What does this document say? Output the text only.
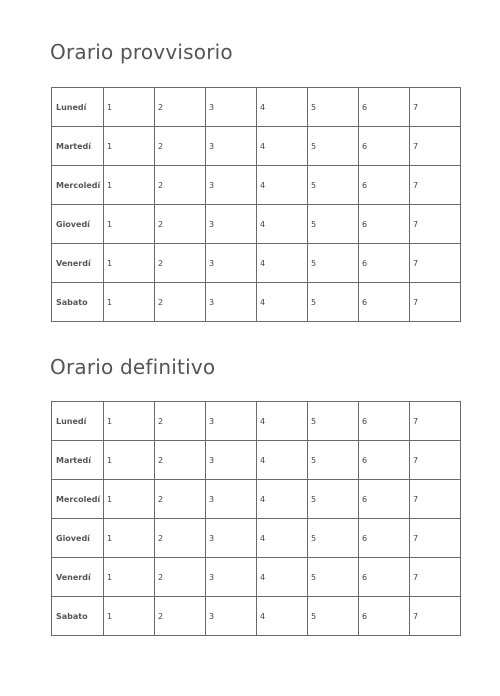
Orario provvisorio
Lunedí	1	2	3	4	5	6	7
Martedí	1	2	3	4	5	6	7
Mercoledí	1	2	3	4	5	6	7
Giovedí	1	2	3	4	5	6	7
Venerdí	1	2	3	4	5	6	7
Sabato	1	2	3	4	5	6	7
Orario definitivo
Lunedí	1	2	3	4	5	6	7
Martedí	1	2	3	4	5	6	7
Mercoledí	1	2	3	4	5	6	7
Giovedí	1	2	3	4	5	6	7
Venerdí	1	2	3	4	5	6	7
Sabato	1	2	3	4	5	6	7
